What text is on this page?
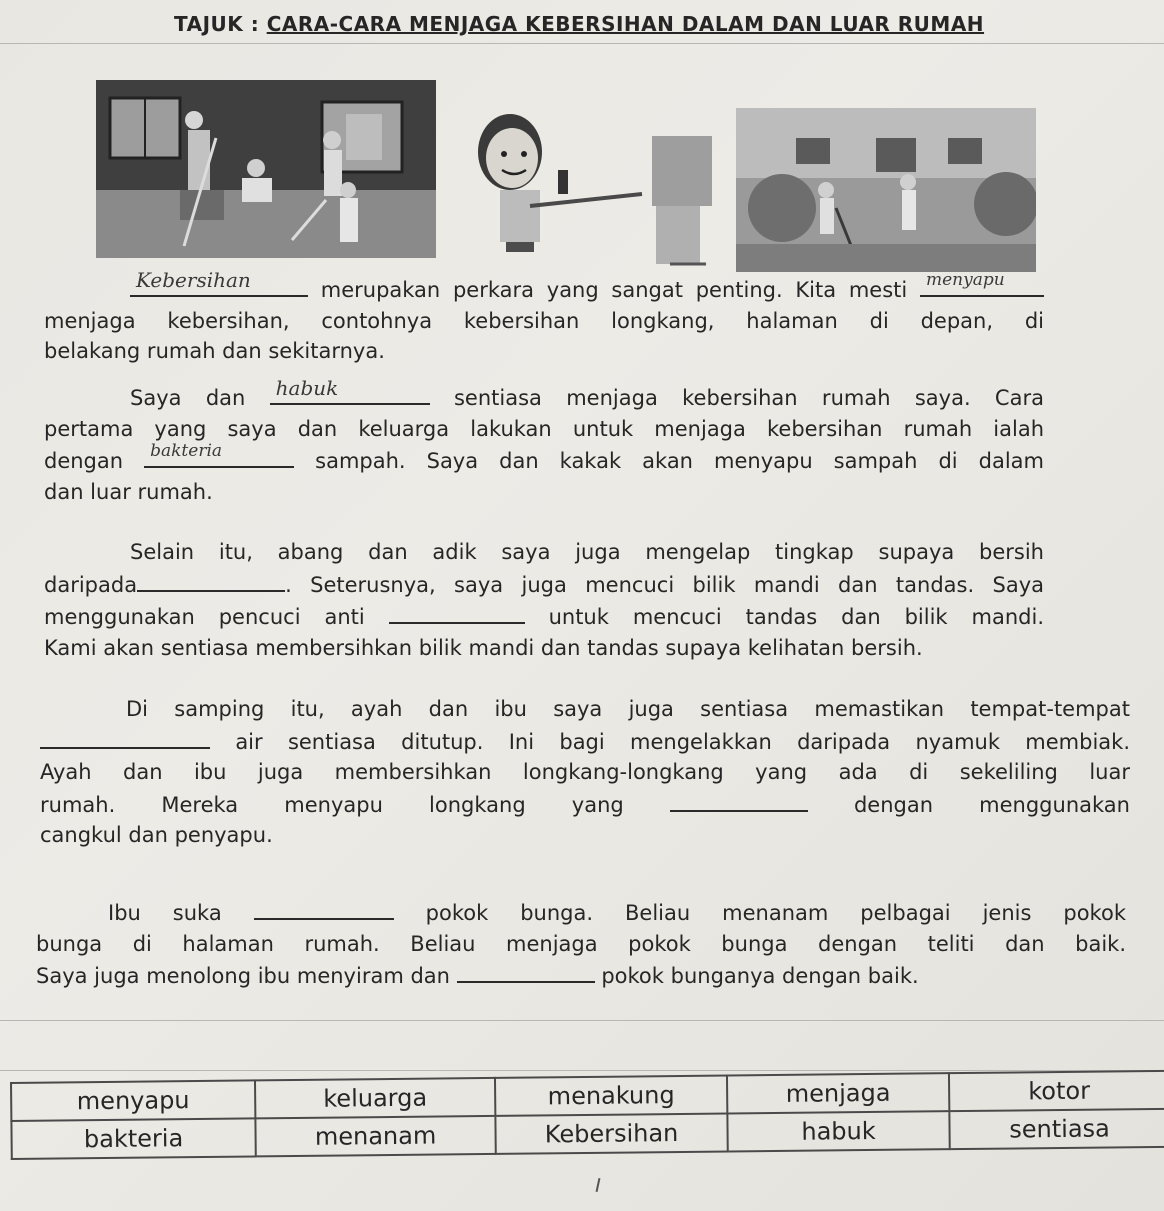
TAJUK : CARA-CARA MENJAGA KEBERSIHAN DALAM DAN LUAR RUMAH
Kebersihan	merupakan perkara yang sangat penting. Kita mesti menyapu
menjaga kebersihan, contohnya kebersihan longkang, halaman di depan, di
belakang rumah dan sekitarnya.
Saya dan habuk	sentiasa menjaga kebersihan rumah saya. Cara
pertama yang saya dan keluarga lakukan untuk menjaga kebersihan rumah ialah
dengan bakteria	sampah. Saya dan kakak akan menyapu sampah di dalam
dan luar rumah.
Selain itu, abang dan adik saya juga mengelap tingkap supaya bersih
daripada	. Seterusnya, saya juga mencuci bilik mandi dan tandas. Saya
menggunakan pencuci anti	untuk mencuci tandas dan bilik mandi.
Kami akan sentiasa membersihkan bilik mandi dan tandas supaya kelihatan bersih.
Di samping itu, ayah dan ibu saya juga sentiasa memastikan tempat-tempat
air sentiasa ditutup. Ini bagi mengelakkan daripada nyamuk membiak.
Ayah dan ibu juga membersihkan longkang-longkang yang ada di sekeliling luar
rumah. Mereka menyapu longkang yang	dengan menggunakan
cangkul dan penyapu.
Ibu suka	pokok bunga. Beliau menanam pelbagai jenis pokok
bunga di halaman rumah. Beliau menjaga pokok bunga dengan teliti dan baik.
Saya juga menolong ibu menyiram dan	pokok bunganya dengan baik.
menyapu	keluarga	menakung	menjaga	kotor
bakteria	menanam	Kebersihan	habuk	sentiasa
